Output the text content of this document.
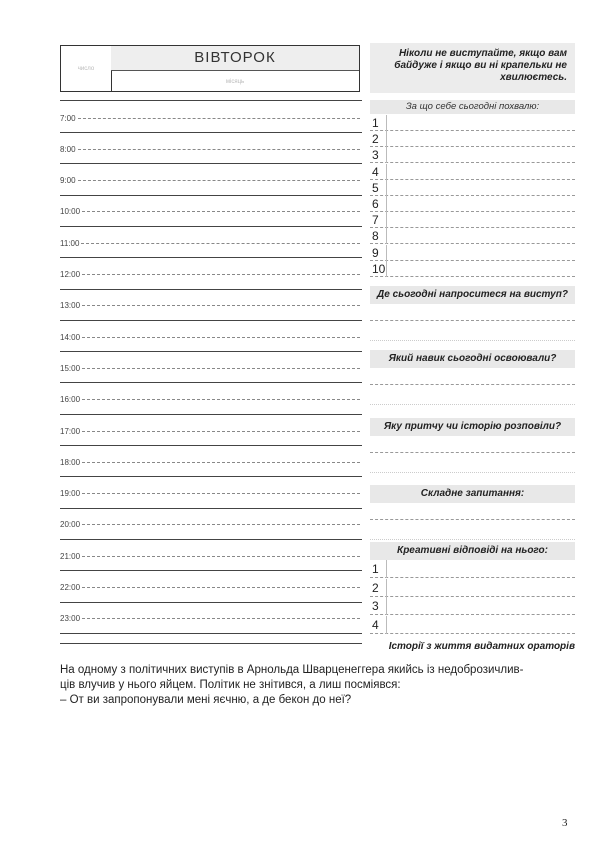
число
ВІВТОРОК
місяць
Ніколи не виступайте, якщо вам байдуже і якщо ви ні крапельки не хвилюєтесь.
На одному з політичних виступів в Арнольда Шварценеггера якийсь із недоброзичлив-
ців влучив у нього яйцем. Політик не знітився, а лиш посміявся:
– От ви запропонували мені яєчню, а де бекон до неї?
3
7:00
8:00
9:00
10:00
11:00
12:00
13:00
14:00
15:00
16:00
17:00
18:00
19:00
20:00
21:00
22:00
23:00
За що себе сьогодні похвалю:
1
2
3
4
5
6
7
8
9
10
Де сьогодні напроситеся на виступ?
Який навик сьогодні освоювали?
Яку притчу чи історію розповіли?
Складне запитання:
Креативні відповіді на нього:
1
2
3
4
Історії з життя видатних ораторів
